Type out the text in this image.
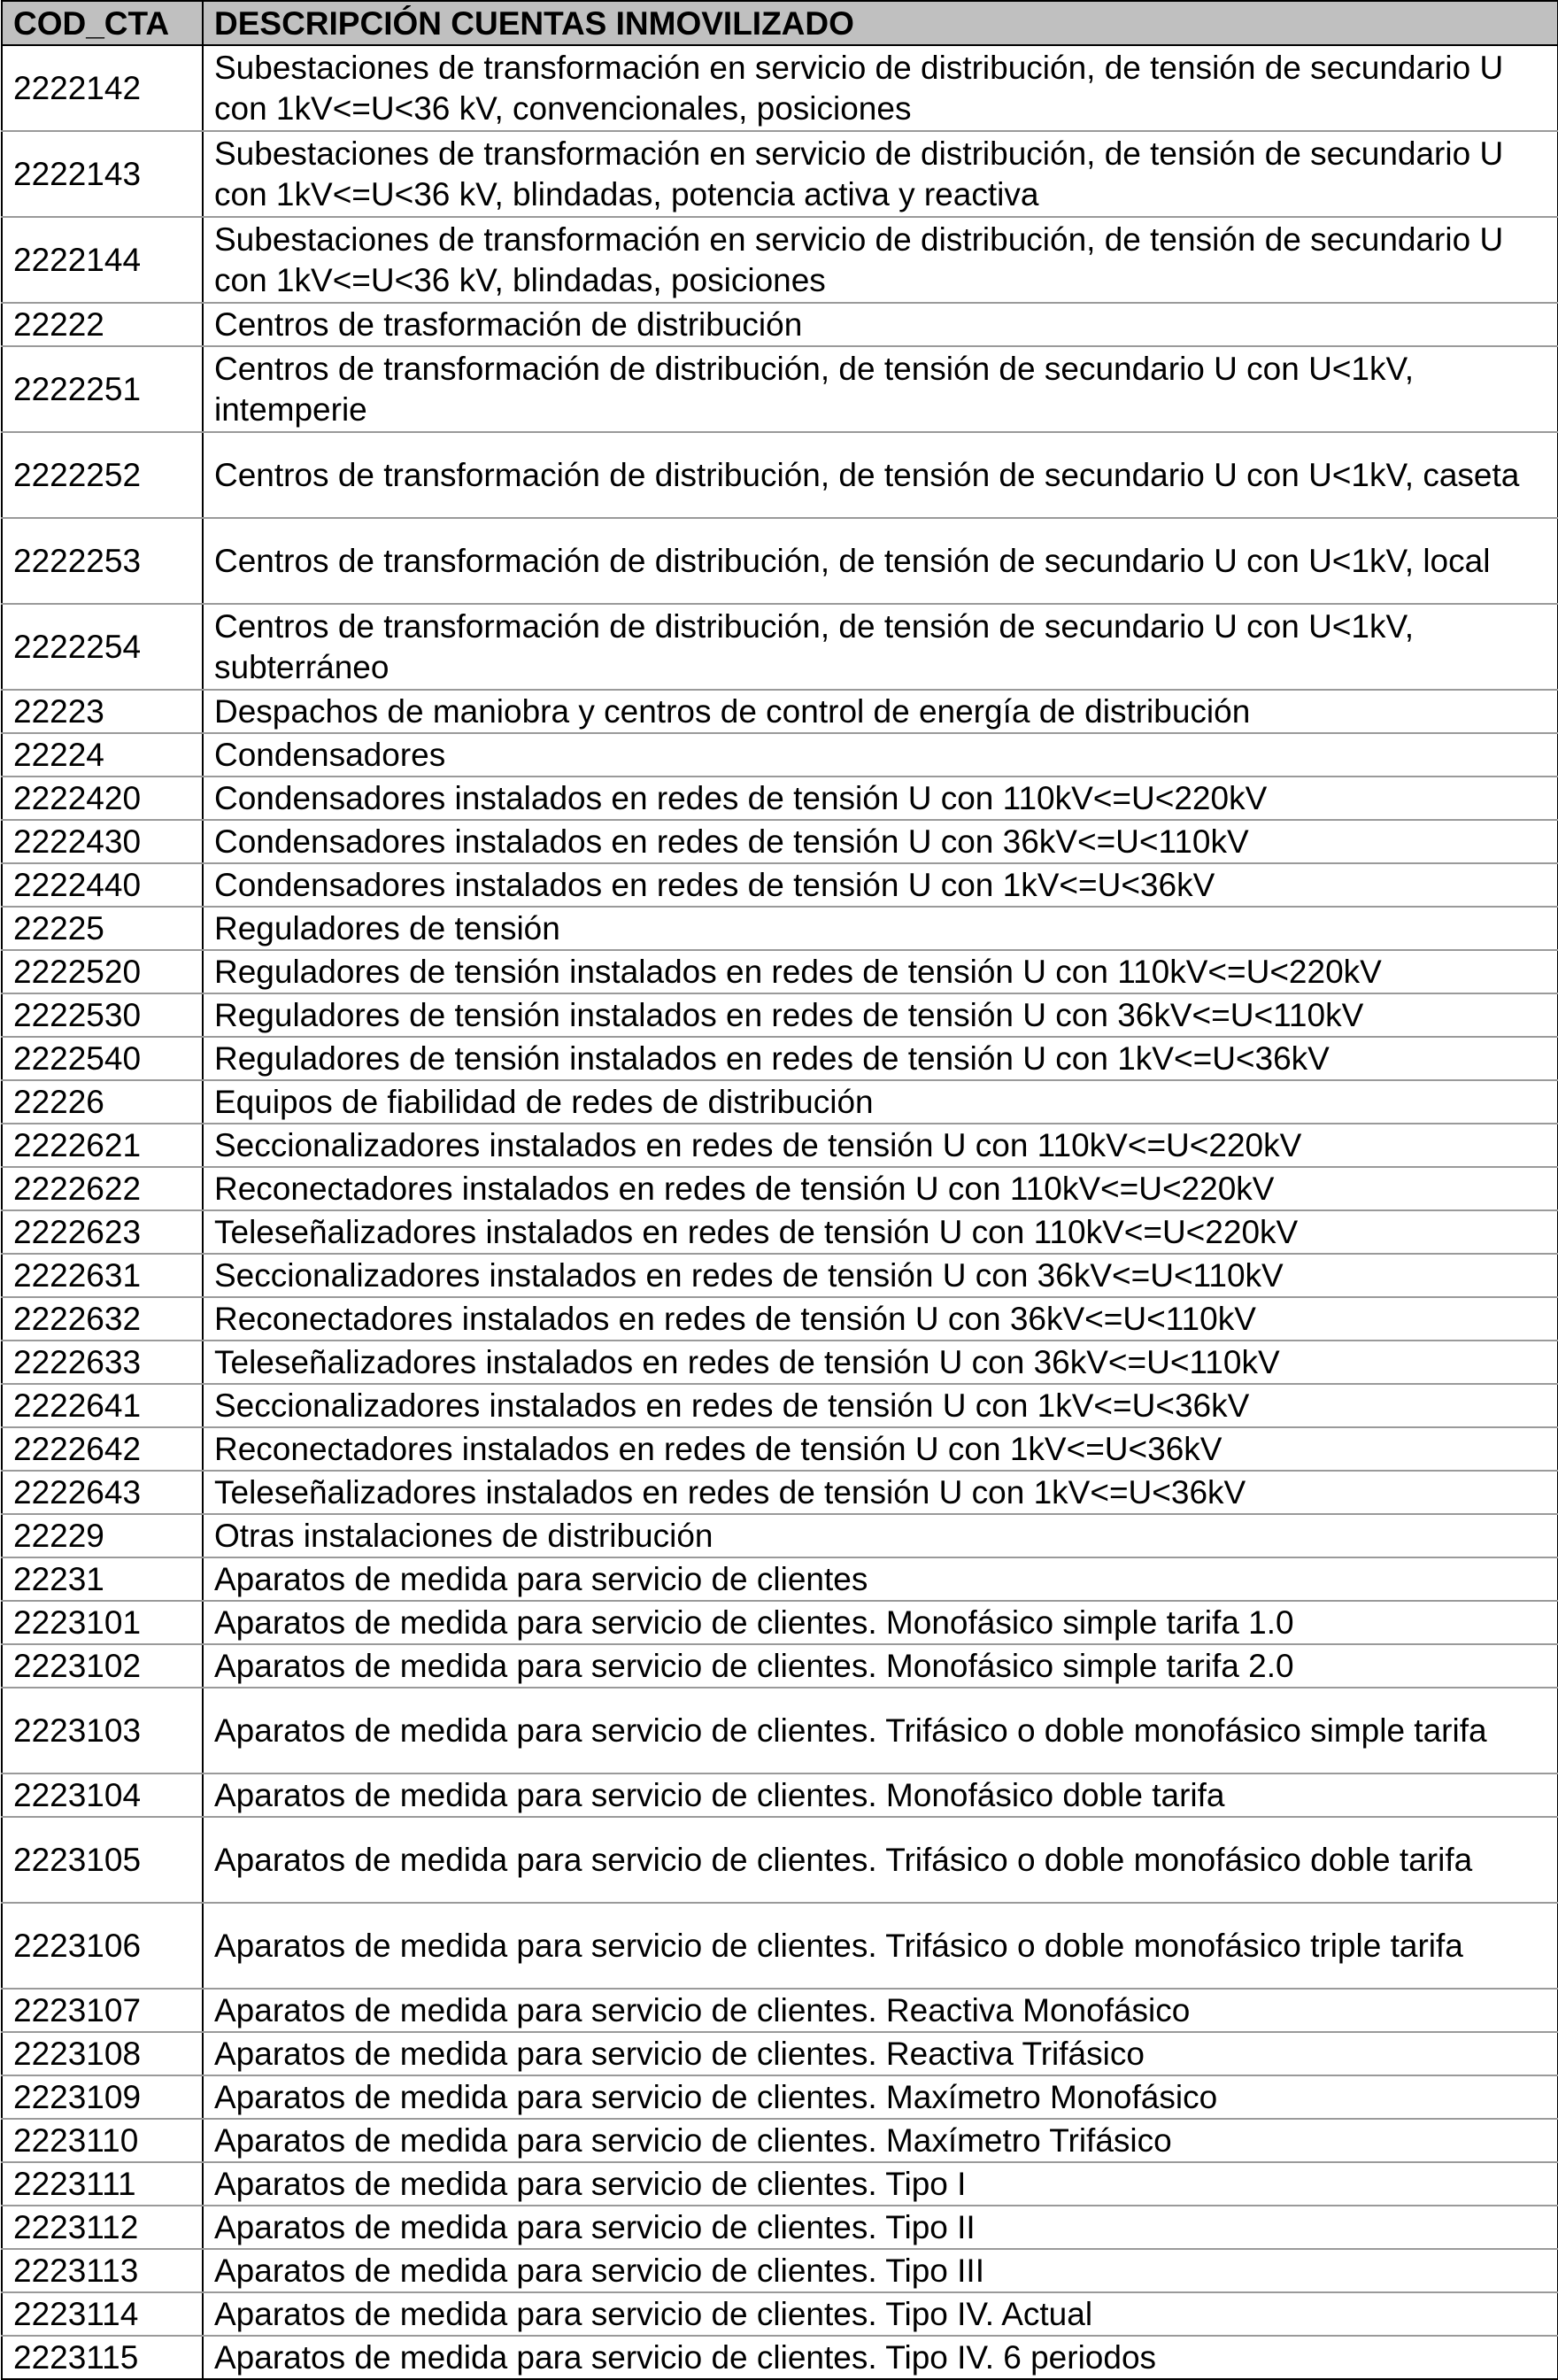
COD_CTA	DESCRIPCIÓN CUENTAS INMOVILIZADO
2222142	Subestaciones de transformación en servicio de distribución, de tensión de secundario U con 1kV<=U<36 kV, convencionales, posiciones
2222143	Subestaciones de transformación en servicio de distribución, de tensión de secundario U con 1kV<=U<36 kV, blindadas, potencia activa y reactiva
2222144	Subestaciones de transformación en servicio de distribución, de tensión de secundario U con 1kV<=U<36 kV, blindadas, posiciones
22222	Centros de trasformación de distribución
2222251	Centros de transformación de distribución, de tensión de secundario U con U<1kV, intemperie
2222252	Centros de transformación de distribución, de tensión de secundario U con U<1kV, caseta
2222253	Centros de transformación de distribución, de tensión de secundario U con U<1kV, local
2222254	Centros de transformación de distribución, de tensión de secundario U con U<1kV, subterráneo
22223	Despachos de maniobra y centros de control de energía de distribución
22224	Condensadores
2222420	Condensadores instalados en redes de tensión U con 110kV<=U<220kV
2222430	Condensadores instalados en redes de tensión U con 36kV<=U<110kV
2222440	Condensadores instalados en redes de tensión U con 1kV<=U<36kV
22225	Reguladores de tensión
2222520	Reguladores de tensión instalados en redes de tensión U con 110kV<=U<220kV
2222530	Reguladores de tensión instalados en redes de tensión U con 36kV<=U<110kV
2222540	Reguladores de tensión instalados en redes de tensión U con 1kV<=U<36kV
22226	Equipos de fiabilidad de redes de distribución
2222621	Seccionalizadores instalados en redes de tensión U con 110kV<=U<220kV
2222622	Reconectadores instalados en redes de tensión U con 110kV<=U<220kV
2222623	Teleseñalizadores instalados en redes de tensión U con 110kV<=U<220kV
2222631	Seccionalizadores instalados en redes de tensión U con 36kV<=U<110kV
2222632	Reconectadores instalados en redes de tensión U con 36kV<=U<110kV
2222633	Teleseñalizadores instalados en redes de tensión U con 36kV<=U<110kV
2222641	Seccionalizadores instalados en redes de tensión U con 1kV<=U<36kV
2222642	Reconectadores instalados en redes de tensión U con 1kV<=U<36kV
2222643	Teleseñalizadores instalados en redes de tensión U con 1kV<=U<36kV
22229	Otras instalaciones de distribución
22231	Aparatos de medida para servicio de clientes
2223101	Aparatos de medida para servicio de clientes. Monofásico simple tarifa 1.0
2223102	Aparatos de medida para servicio de clientes. Monofásico simple tarifa 2.0
2223103	Aparatos de medida para servicio de clientes. Trifásico o doble monofásico simple tarifa
2223104	Aparatos de medida para servicio de clientes. Monofásico doble tarifa
2223105	Aparatos de medida para servicio de clientes. Trifásico o doble monofásico doble tarifa
2223106	Aparatos de medida para servicio de clientes. Trifásico o doble monofásico triple tarifa
2223107	Aparatos de medida para servicio de clientes. Reactiva Monofásico
2223108	Aparatos de medida para servicio de clientes. Reactiva Trifásico
2223109	Aparatos de medida para servicio de clientes. Maxímetro Monofásico
2223110	Aparatos de medida para servicio de clientes. Maxímetro Trifásico
2223111	Aparatos de medida para servicio de clientes. Tipo I
2223112	Aparatos de medida para servicio de clientes. Tipo II
2223113	Aparatos de medida para servicio de clientes. Tipo III
2223114	Aparatos de medida para servicio de clientes. Tipo IV. Actual
2223115	Aparatos de medida para servicio de clientes. Tipo IV. 6 periodos
